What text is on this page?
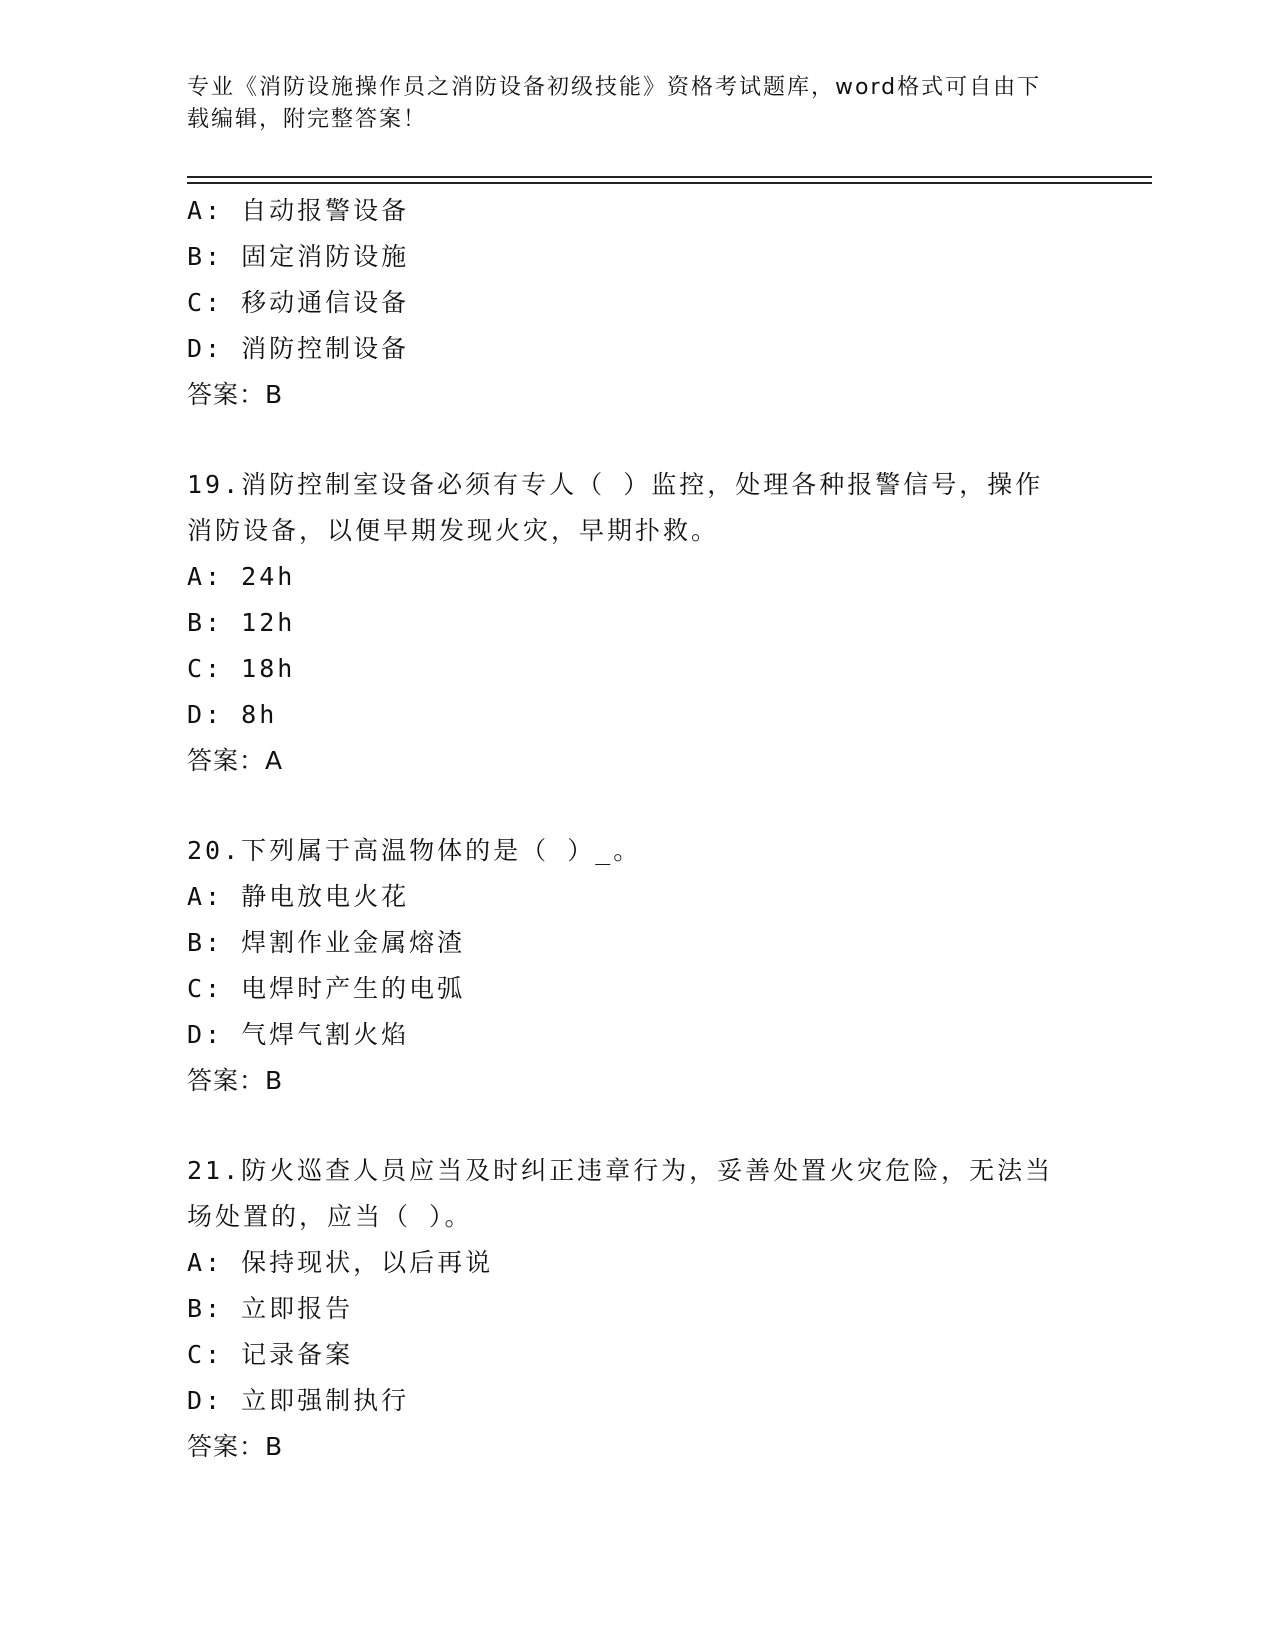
专业《消防设施操作员之消防设备初级技能》资格考试题库，word格式可自由下
载编辑，附完整答案！
A: 自动报警设备
B: 固定消防设施
C: 移动通信设备
D: 消防控制设备
答案：B
19.消防控制室设备必须有专人（ ）监控，处理各种报警信号，操作
消防设备，以便早期发现火灾，早期扑救。
A: 24h
B: 12h
C: 18h
D: 8h
答案：A
20.下列属于高温物体的是（ ）_。
A: 静电放电火花
B: 焊割作业金属熔渣
C: 电焊时产生的电弧
D: 气焊气割火焰
答案：B
21.防火巡查人员应当及时纠正违章行为，妥善处置火灾危险，无法当
场处置的，应当（ ）。
A: 保持现状，以后再说
B: 立即报告
C: 记录备案
D: 立即强制执行
答案：B
